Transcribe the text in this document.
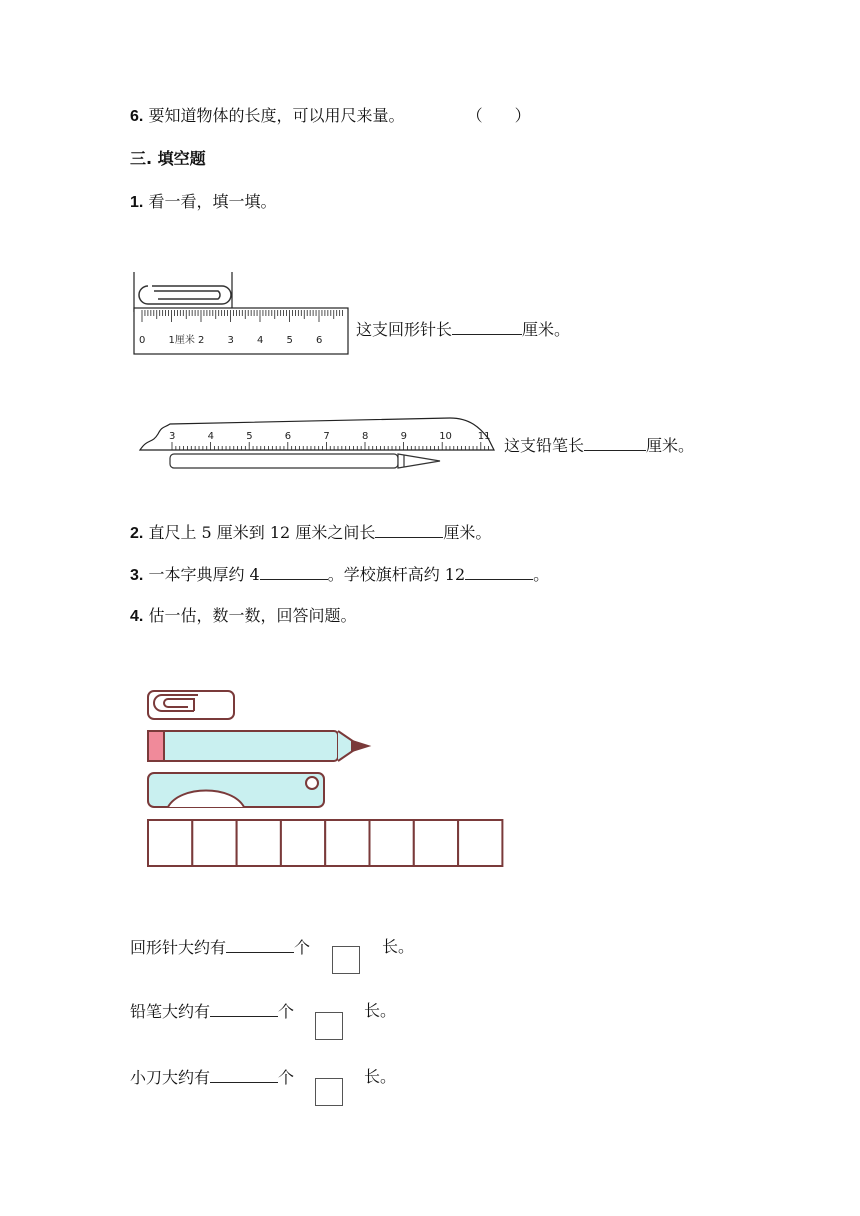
6. 要知道物体的长度，可以用尺来量。	（　　）
三. 填空题
1. 看一看，填一填。
0 1厘米 2 3 4 5 6
这支回形针长	厘米。
3	4	5	6	7	8	9	10	11 这支铅笔长	厘米。
2. 直尺上 5 厘米到 12 厘米之间长	厘米。
3. 一本字典厚约 4	。学校旗杆高约 12	。
4. 估一估，数一数，回答问题。
回形针大约有	个	长。
铅笔大约有	个	长。
小刀大约有	个	长。
